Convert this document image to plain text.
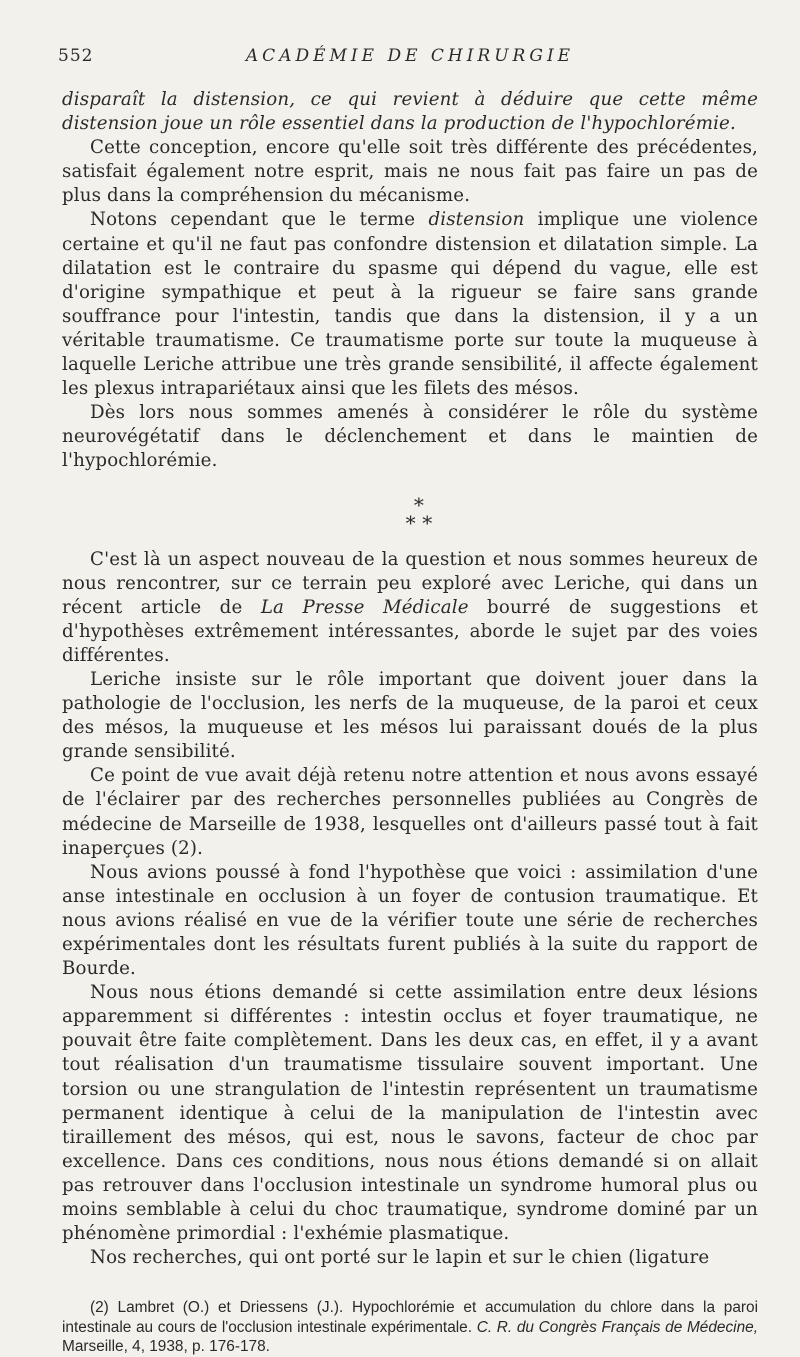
552	ACADÉMIE DE CHIRURGIE

disparaît la distension, ce qui revient à déduire que cette même distension joue un rôle essentiel dans la production de l'hypochlorémie.

Cette conception, encore qu'elle soit très différente des précédentes, satisfait également notre esprit, mais ne nous fait pas faire un pas de plus dans la compréhension du mécanisme.

Notons cependant que le terme distension implique une violence certaine et qu'il ne faut pas confondre distension et dilatation simple. La dilatation est le contraire du spasme qui dépend du vague, elle est d'origine sympathique et peut à la rigueur se faire sans grande souffrance pour l'intestin, tandis que dans la distension, il y a un véritable traumatisme. Ce traumatisme porte sur toute la muqueuse à laquelle Leriche attribue une très grande sensibilité, il affecte également les plexus intrapariétaux ainsi que les filets des mésos.

Dès lors nous sommes amenés à considérer le rôle du système neurovégétatif dans le déclenchement et dans le maintien de l'hypochlorémie.

*
* *

C'est là un aspect nouveau de la question et nous sommes heureux de nous rencontrer, sur ce terrain peu exploré avec Leriche, qui dans un récent article de La Presse Médicale bourré de suggestions et d'hypothèses extrêmement intéressantes, aborde le sujet par des voies différentes.

Leriche insiste sur le rôle important que doivent jouer dans la pathologie de l'occlusion, les nerfs de la muqueuse, de la paroi et ceux des mésos, la muqueuse et les mésos lui paraissant doués de la plus grande sensibilité.

Ce point de vue avait déjà retenu notre attention et nous avons essayé de l'éclairer par des recherches personnelles publiées au Congrès de médecine de Marseille de 1938, lesquelles ont d'ailleurs passé tout à fait inaperçues (2).

Nous avions poussé à fond l'hypothèse que voici : assimilation d'une anse intestinale en occlusion à un foyer de contusion traumatique. Et nous avions réalisé en vue de la vérifier toute une série de recherches expérimentales dont les résultats furent publiés à la suite du rapport de Bourde.

Nous nous étions demandé si cette assimilation entre deux lésions apparemment si différentes : intestin occlus et foyer traumatique, ne pouvait être faite complètement. Dans les deux cas, en effet, il y a avant tout réalisation d'un traumatisme tissulaire souvent important. Une torsion ou une strangulation de l'intestin représentent un traumatisme permanent identique à celui de la manipulation de l'intestin avec tiraillement des mésos, qui est, nous le savons, facteur de choc par excellence. Dans ces conditions, nous nous étions demandé si on allait pas retrouver dans l'occlusion intestinale un syndrome humoral plus ou moins semblable à celui du choc traumatique, syndrome dominé par un phénomène primordial : l'exhémie plasmatique.

Nos recherches, qui ont porté sur le lapin et sur le chien (ligature

(2) Lambret (O.) et Driessens (J.). Hypochlorémie et accumulation du chlore dans la paroi intestinale au cours de l'occlusion intestinale expérimentale. C. R. du Congrès Français de Médecine, Marseille, 4, 1938, p. 176-178.
